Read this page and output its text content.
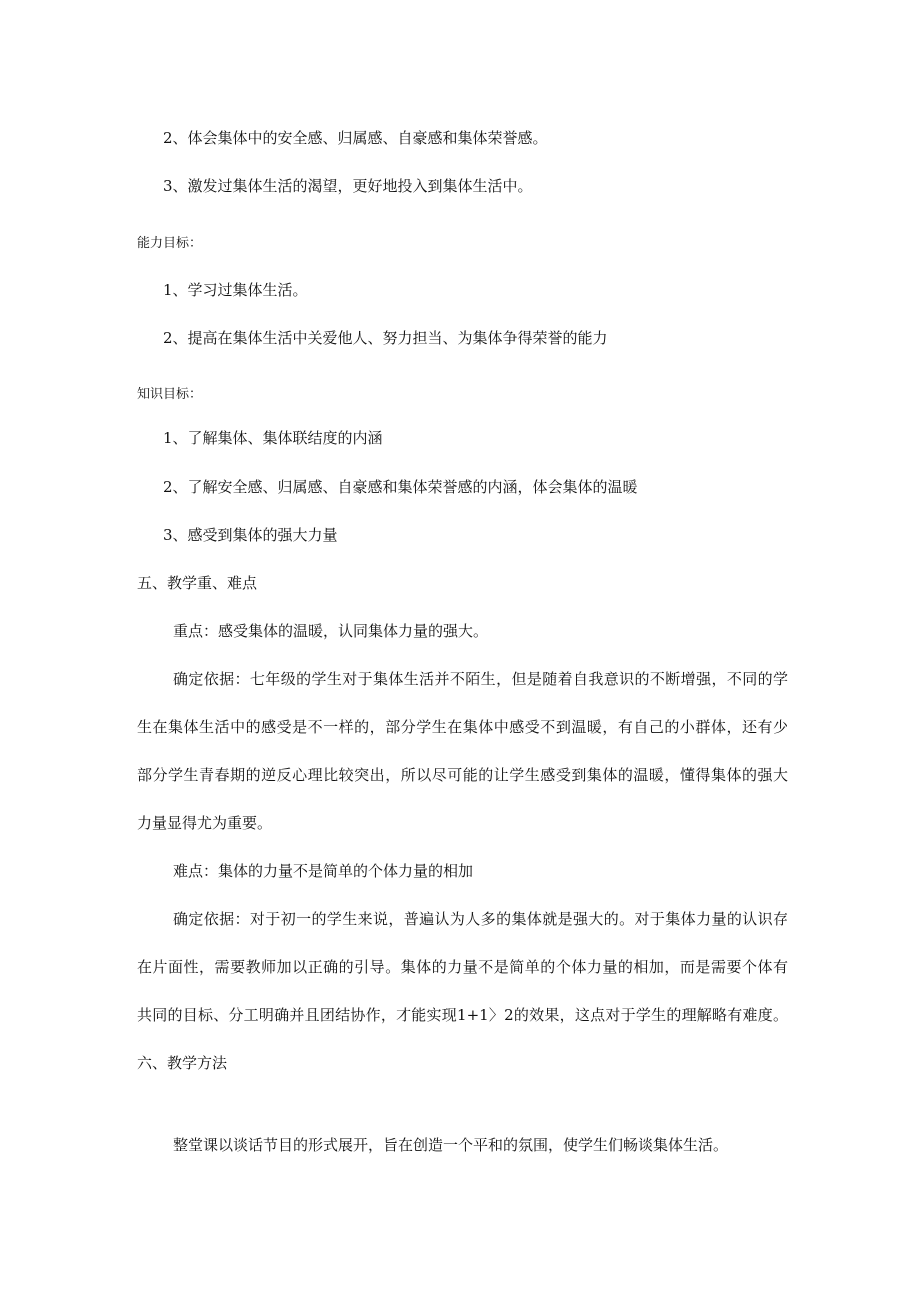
2、体会集体中的安全感、归属感、自豪感和集体荣誉感。
3、激发过集体生活的渴望，更好地投入到集体生活中。
能力目标：
1、学习过集体生活。
2、提高在集体生活中关爱他人、努力担当、为集体争得荣誉的能力
知识目标：
1、了解集体、集体联结度的内涵
2、了解安全感、归属感、自豪感和集体荣誉感的内涵，体会集体的温暖
3、感受到集体的强大力量
五、教学重、难点
重点：感受集体的温暖，认同集体力量的强大。
确定依据：七年级的学生对于集体生活并不陌生，但是随着自我意识的不断增强，不同的学
生在集体生活中的感受是不一样的，部分学生在集体中感受不到温暖，有自己的小群体，还有少
部分学生青春期的逆反心理比较突出，所以尽可能的让学生感受到集体的温暖，懂得集体的强大
力量显得尤为重要。
难点：集体的力量不是简单的个体力量的相加
确定依据：对于初一的学生来说，普遍认为人多的集体就是强大的。对于集体力量的认识存
在片面性，需要教师加以正确的引导。集体的力量不是简单的个体力量的相加，而是需要个体有
共同的目标、分工明确并且团结协作，才能实现1+1〉2的效果，这点对于学生的理解略有难度。
六、教学方法
整堂课以谈话节目的形式展开，旨在创造一个平和的氛围，使学生们畅谈集体生活。
